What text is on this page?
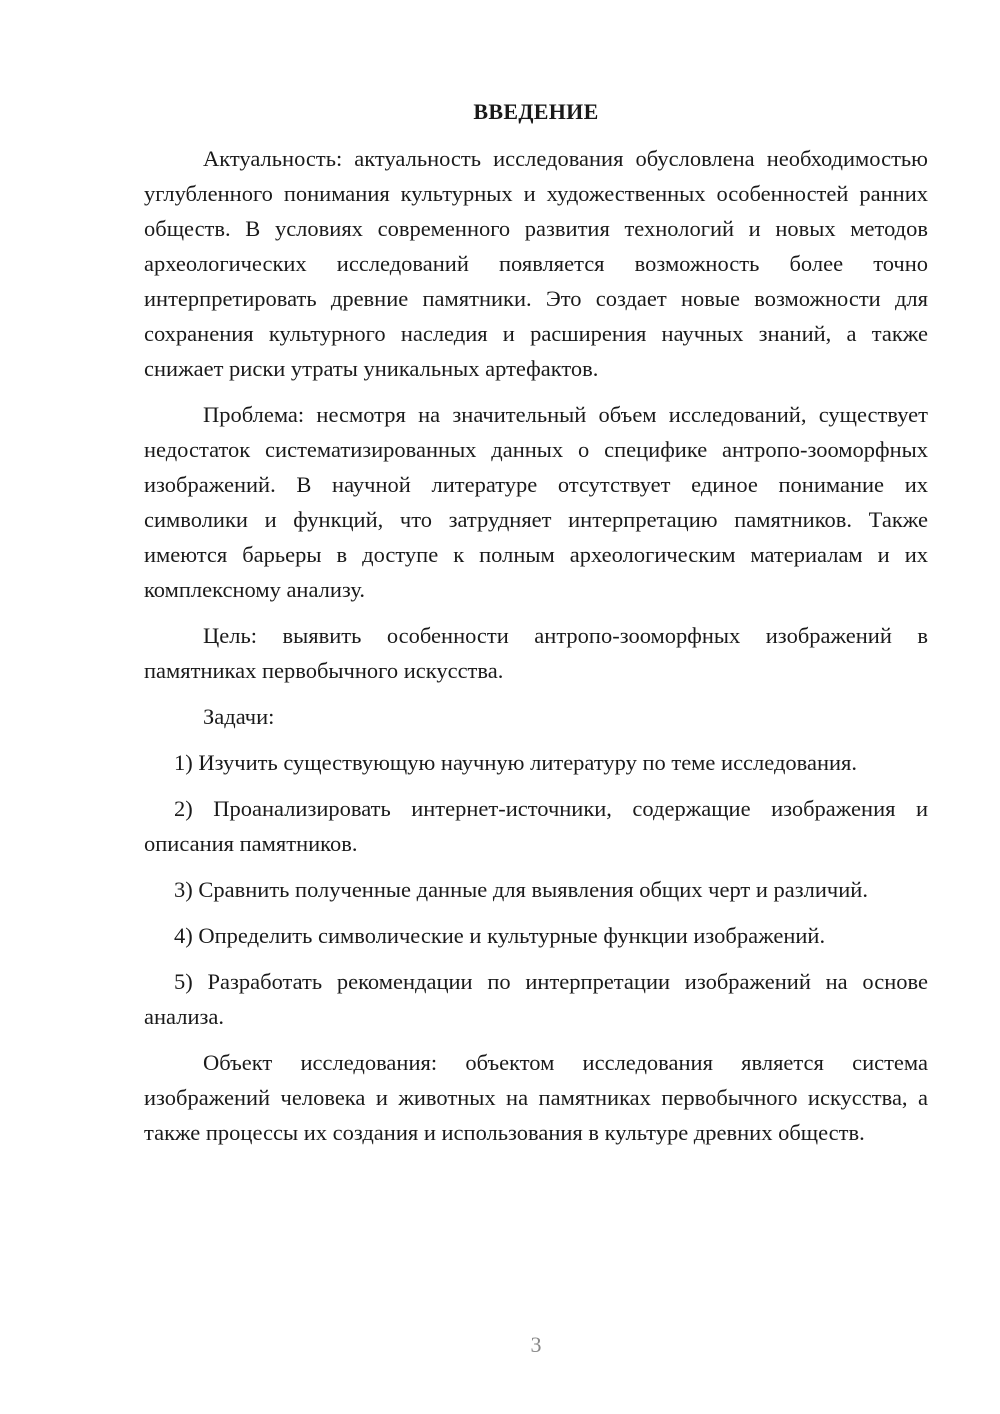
ВВЕДЕНИЕ

Актуальность: актуальность исследования обусловлена необходимостью углубленного понимания культурных и художественных особенностей ранних обществ. В условиях современного развития технологий и новых методов археологических исследований появляется возможность более точно интерпретировать древние памятники. Это создает новые возможности для сохранения культурного наследия и расширения научных знаний, а также снижает риски утраты уникальных артефактов.

Проблема: несмотря на значительный объем исследований, существует недостаток систематизированных данных о специфике антропо-зооморфных изображений. В научной литературе отсутствует единое понимание их символики и функций, что затрудняет интерпретацию памятников. Также имеются барьеры в доступе к полным археологическим материалам и их комплексному анализу.

Цель: выявить особенности антропо-зооморфных изображений в памятниках первобычного искусства.

Задачи:

1) Изучить существующую научную литературу по теме исследования.

2) Проанализировать интернет-источники, содержащие изображения и описания памятников.

3) Сравнить полученные данные для выявления общих черт и различий.

4) Определить символические и культурные функции изображений.

5) Разработать рекомендации по интерпретации изображений на основе анализа.

Объект исследования: объектом исследования является система изображений человека и животных на памятниках первобычного искусства, а также процессы их создания и использования в культуре древних обществ.

3
